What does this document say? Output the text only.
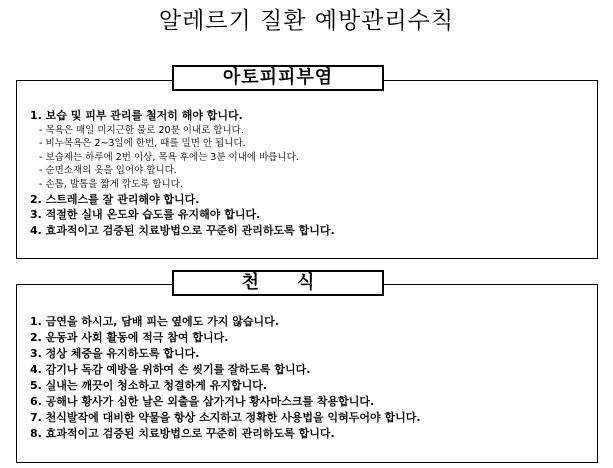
알레르기 질환 예방관리수칙
아토피피부염
1. 보습 및 피부 관리를 철저히 해야 합니다.
- 목욕은 매일 미지근한 물로 20분 이내로 합니다.
- 비누목욕은 2~3일에 한번, 때를 밀면 안 됩니다.
- 보습제는 하루에 2번 이상, 목욕 후에는 3분 이내에 바릅니다.
- 순면소재의 옷을 입어야 합니다.
- 손톱, 발톱을 짧게 깎도록 합니다.
2. 스트레스를 잘 관리해야 합니다.
3. 적절한 실내 온도와 습도를 유지해야 합니다.
4. 효과적이고 검증된 치료방법으로 꾸준히 관리하도록 합니다.
천식
1. 금연을 하시고, 담배 피는 옆에도 가지 않습니다.
2. 운동과 사회 활동에 적극 참여 합니다.
3. 정상 체중을 유지하도록 합니다.
4. 감기나 독감 예방을 위하여 손 씻기를 잘하도록 합니다.
5. 실내는 깨끗이 청소하고 청결하게 유지합니다.
6. 공해나 황사가 심한 날은 외출을 삼가거나 황사마스크를 착용합니다.
7. 천식발작에 대비한 약물을 항상 소지하고 정확한 사용법을 익혀두어야 합니다.
8. 효과적이고 검증된 치료방법으로 꾸준히 관리하도록 합니다.
